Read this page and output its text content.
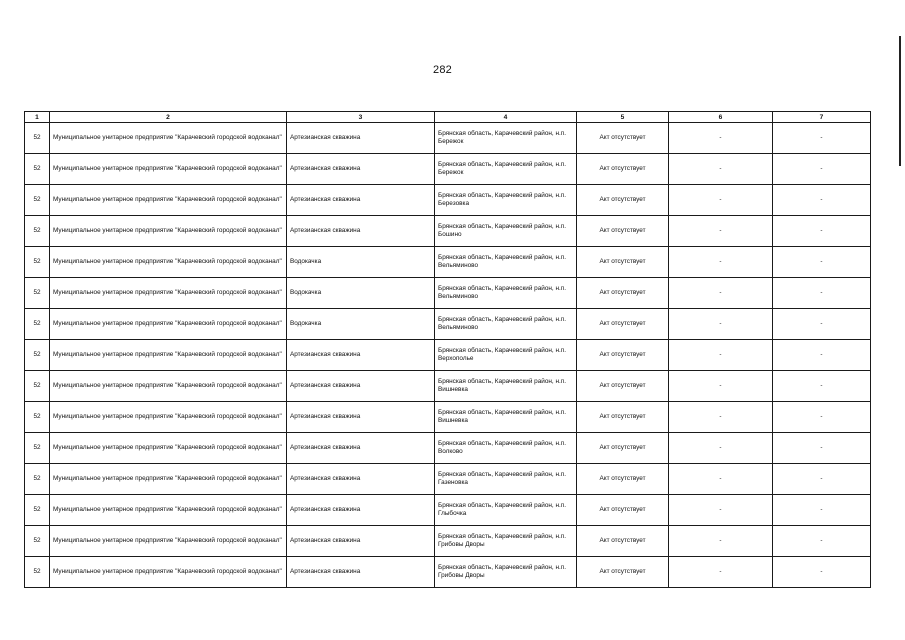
282
1	2	3	4	5	6	7
52	Муниципальное унитарное предприятие "Карачевский городской водоканал"	Артезианская скважина	Брянская область, Карачевский район, н.п. Бережок	Акт отсутствует	-	-
52	Муниципальное унитарное предприятие "Карачевский городской водоканал"	Артезианская скважина	Брянская область, Карачевский район, н.п. Бережок	Акт отсутствует	-	-
52	Муниципальное унитарное предприятие "Карачевский городской водоканал"	Артезианская скважина	Брянская область, Карачевский район, н.п. Березовка	Акт отсутствует	-	-
52	Муниципальное унитарное предприятие "Карачевский городской водоканал"	Артезианская скважина	Брянская область, Карачевский район, н.п. Бошино	Акт отсутствует	-	-
52	Муниципальное унитарное предприятие "Карачевский городской водоканал"	Водокачка	Брянская область, Карачевский район, н.п. Вельяминово	Акт отсутствует	-	-
52	Муниципальное унитарное предприятие "Карачевский городской водоканал"	Водокачка	Брянская область, Карачевский район, н.п. Вельяминово	Акт отсутствует	-	-
52	Муниципальное унитарное предприятие "Карачевский городской водоканал"	Водокачка	Брянская область, Карачевский район, н.п. Вельяминово	Акт отсутствует	-	-
52	Муниципальное унитарное предприятие "Карачевский городской водоканал"	Артезианская скважина	Брянская область, Карачевский район, н.п. Верхополье	Акт отсутствует	-	-
52	Муниципальное унитарное предприятие "Карачевский городской водоканал"	Артезианская скважина	Брянская область, Карачевский район, н.п. Вишневка	Акт отсутствует	-	-
52	Муниципальное унитарное предприятие "Карачевский городской водоканал"	Артезианская скважина	Брянская область, Карачевский район, н.п. Вишневка	Акт отсутствует	-	-
52	Муниципальное унитарное предприятие "Карачевский городской водоканал"	Артезианская скважина	Брянская область, Карачевский район, н.п. Волково	Акт отсутствует	-	-
52	Муниципальное унитарное предприятие "Карачевский городской водоканал"	Артезианская скважина	Брянская область, Карачевский район, н.п. Газеновка	Акт отсутствует	-	-
52	Муниципальное унитарное предприятие "Карачевский городской водоканал"	Артезианская скважина	Брянская область, Карачевский район, н.п. Глыбочка	Акт отсутствует	-	-
52	Муниципальное унитарное предприятие "Карачевский городской водоканал"	Артезианская скважина	Брянская область, Карачевский район, н.п. Грибовы Дворы	Акт отсутствует	-	-
52	Муниципальное унитарное предприятие "Карачевский городской водоканал"	Артезианская скважина	Брянская область, Карачевский район, н.п. Грибовы Дворы	Акт отсутствует	-	-
